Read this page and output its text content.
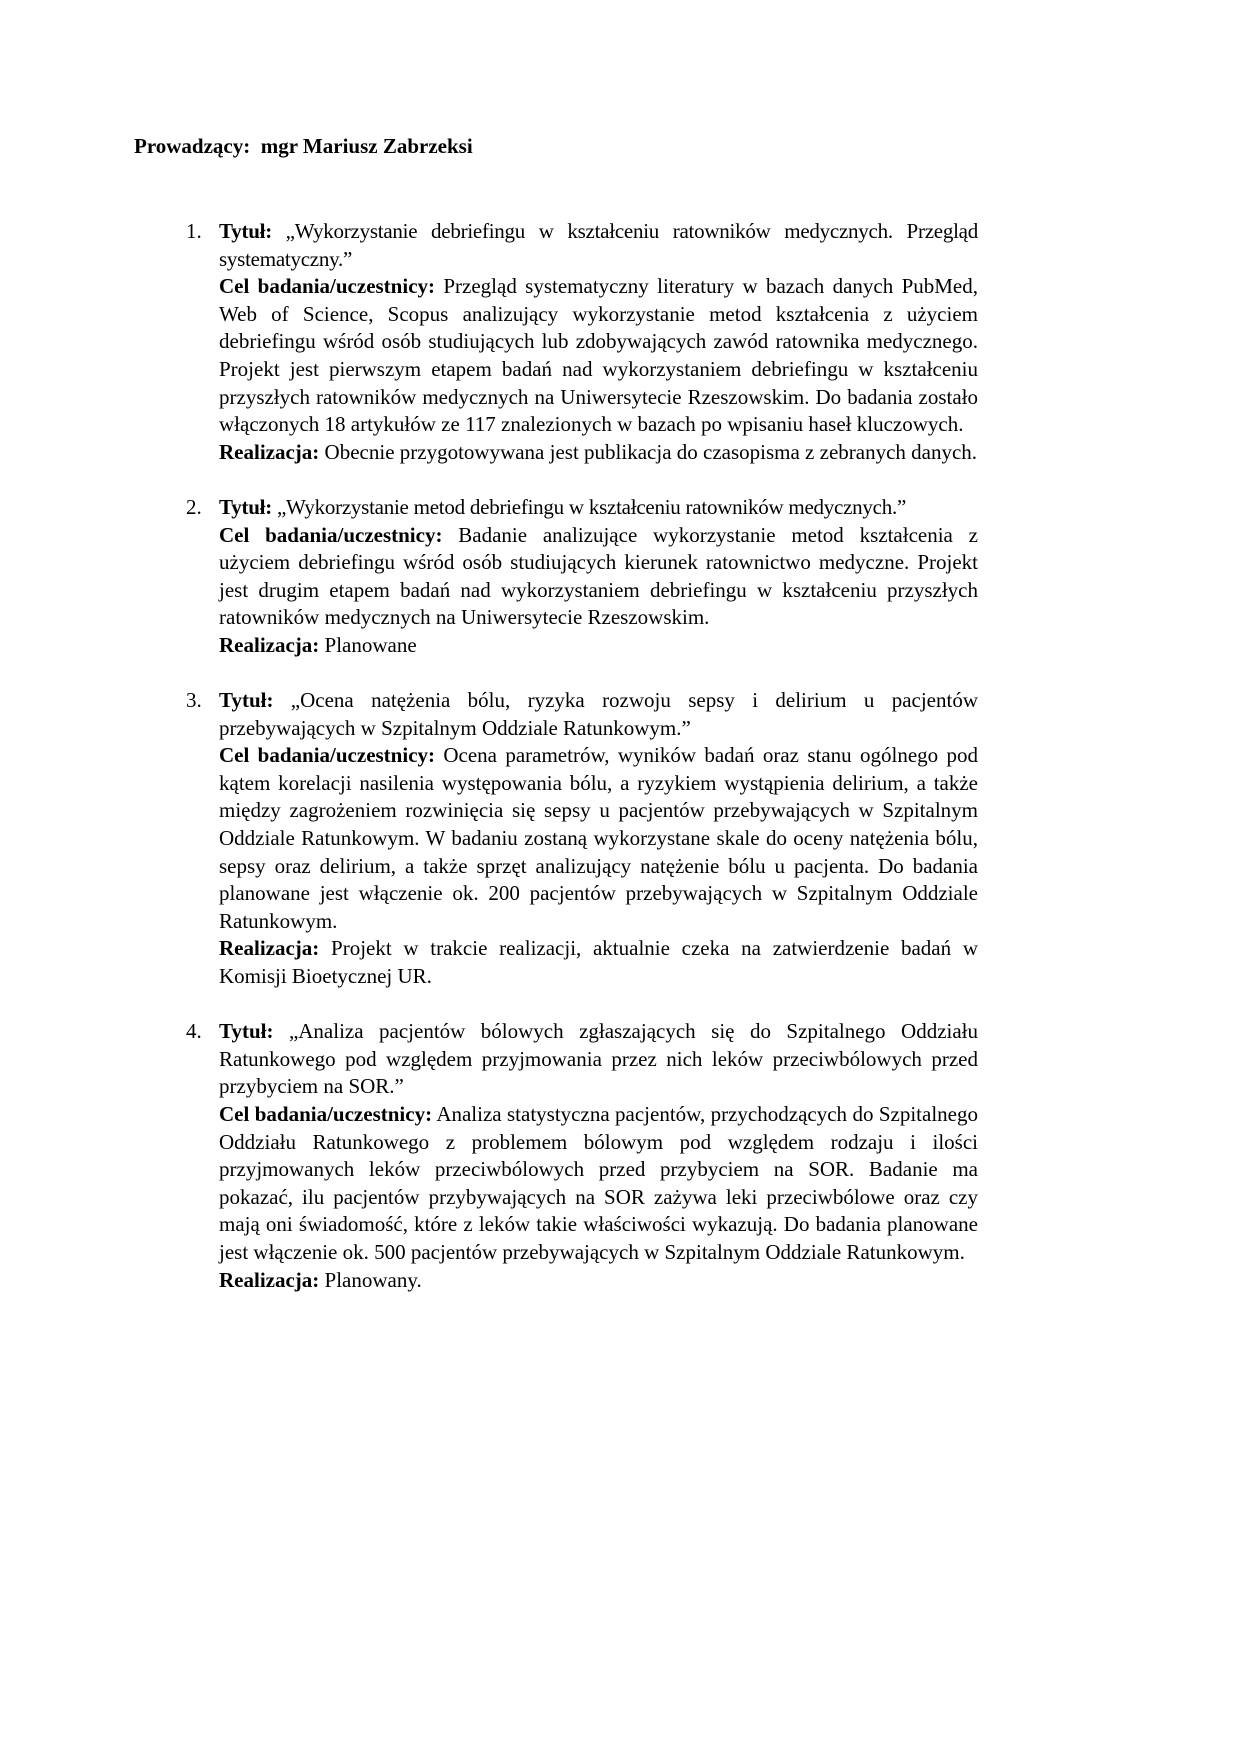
Prowadzący: mgr Mariusz Zabrzeksi
1. Tytuł: „Wykorzystanie debriefingu w kształceniu ratowników medycznych. Przegląd systematyczny.”

Cel badania/uczestnicy: Przegląd systematyczny literatury w bazach danych PubMed, Web of Science, Scopus analizujący wykorzystanie metod kształcenia z użyciem debriefingu wśród osób studiujących lub zdobywających zawód ratownika medycznego. Projekt jest pierwszym etapem badań nad wykorzystaniem debriefingu w kształceniu przyszłych ratowników medycznych na Uniwersytecie Rzeszowskim. Do badania zostało włączonych 18 artykułów ze 117 znalezionych w bazach po wpisaniu haseł kluczowych.

Realizacja: Obecnie przygotowywana jest publikacja do czasopisma z zebranych danych.

2. Tytuł: „Wykorzystanie metod debriefingu w kształceniu ratowników medycznych.”

Cel badania/uczestnicy: Badanie analizujące wykorzystanie metod kształcenia z użyciem debriefingu wśród osób studiujących kierunek ratownictwo medyczne. Projekt jest drugim etapem badań nad wykorzystaniem debriefingu w kształceniu przyszłych ratowników medycznych na Uniwersytecie Rzeszowskim.

Realizacja: Planowane

3. Tytuł: „Ocena natężenia bólu, ryzyka rozwoju sepsy i delirium u pacjentów przebywających w Szpitalnym Oddziale Ratunkowym.”

Cel badania/uczestnicy: Ocena parametrów, wyników badań oraz stanu ogólnego pod kątem korelacji nasilenia występowania bólu, a ryzykiem wystąpienia delirium, a także między zagrożeniem rozwinięcia się sepsy u pacjentów przebywających w Szpitalnym Oddziale Ratunkowym. W badaniu zostaną wykorzystane skale do oceny natężenia bólu, sepsy oraz delirium, a także sprzęt analizujący natężenie bólu u pacjenta. Do badania planowane jest włączenie ok. 200 pacjentów przebywających w Szpitalnym Oddziale Ratunkowym.

Realizacja: Projekt w trakcie realizacji, aktualnie czeka na zatwierdzenie badań w Komisji Bioetycznej UR.

4. Tytuł: „Analiza pacjentów bólowych zgłaszających się do Szpitalnego Oddziału Ratunkowego pod względem przyjmowania przez nich leków przeciwbólowych przed przybyciem na SOR.”

Cel badania/uczestnicy: Analiza statystyczna pacjentów, przychodzących do Szpitalnego Oddziału Ratunkowego z problemem bólowym pod względem rodzaju i ilości przyjmowanych leków przeciwbólowych przed przybyciem na SOR. Badanie ma pokazać, ilu pacjentów przybywających na SOR zażywa leki przeciwbólowe oraz czy mają oni świadomość, które z leków takie właściwości wykazują. Do badania planowane jest włączenie ok. 500 pacjentów przebywających w Szpitalnym Oddziale Ratunkowym.

Realizacja: Planowany.
